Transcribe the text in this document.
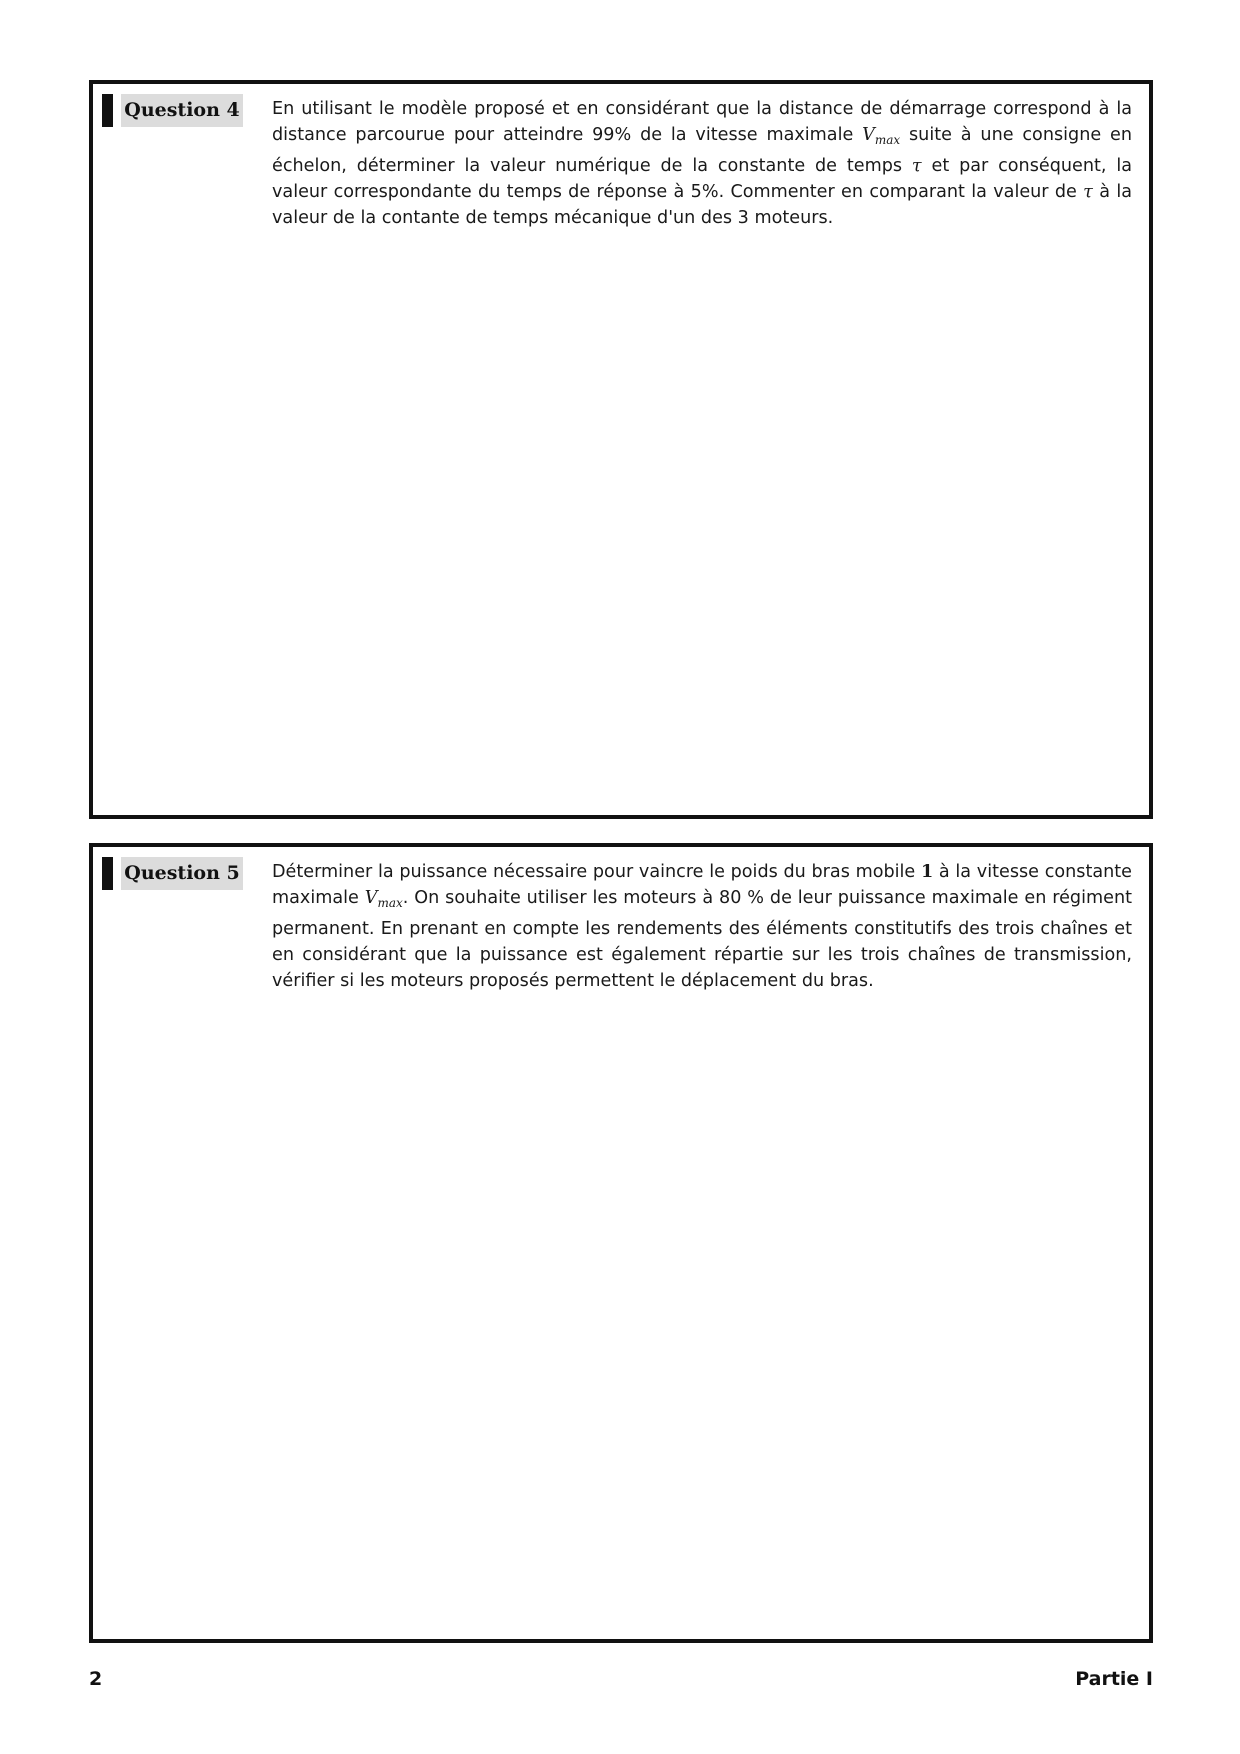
Question 4 En utilisant le modèle proposé et en considérant que la distance de démarrage correspond à la distance parcourue pour atteindre 99% de la vitesse maximale $V_{max}$ suite à une consigne en échelon, déterminer la valeur numérique de la constante de temps τ et par conséquent, la valeur correspondante du temps de réponse à 5%. Commenter en comparant la valeur de τ à la valeur de la contante de temps mécanique d'un des 3 moteurs.

Question 5 Déterminer la puissance nécessaire pour vaincre le poids du bras mobile 1 à la vitesse constante maximale $V_{max}$. On souhaite utiliser les moteurs à 80 % de leur puissance maximale en régiment permanent. En prenant en compte les rendements des éléments constitutifs des trois chaînes et en considérant que la puissance est également répartie sur les trois chaînes de transmission, vérifier si les moteurs proposés permettent le déplacement du bras.

2	Partie I
